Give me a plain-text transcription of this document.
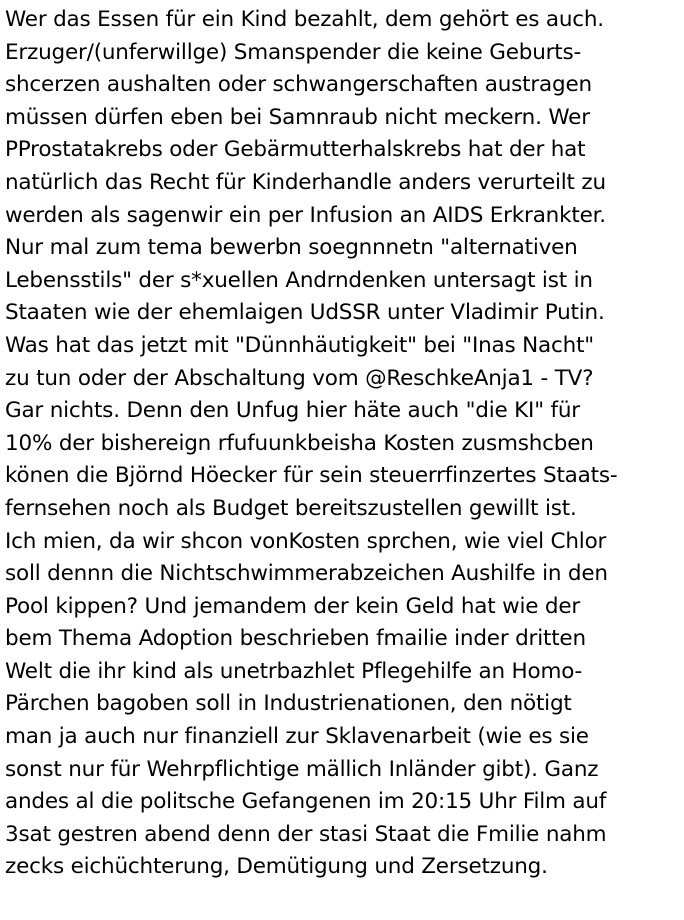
Wer das Essen für ein Kind bezahlt, dem gehört es auch.
Erzuger/(unferwillge) Smanspender die keine Geburts-
shcerzen aushalten oder schwangerschaften austragen
müssen dürfen eben bei Samnraub nicht meckern. Wer
PProstatakrebs oder Gebärmutterhalskrebs hat der hat
natürlich das Recht für Kinderhandle anders verurteilt zu
werden als sagenwir ein per Infusion an AIDS Erkrankter.
Nur mal zum tema bewerbn soegnnnetn "alternativen
Lebensstils" der s*xuellen Andrndenken untersagt ist in
Staaten wie der ehemlaigen UdSSR unter Vladimir Putin.
Was hat das jetzt mit "Dünnhäutigkeit" bei "Inas Nacht"
zu tun oder der Abschaltung vom @ReschkeAnja1 - TV?
Gar nichts. Denn den Unfug hier häte auch "die KI" für
10% der bishereign rfufuunkbeisha Kosten zusmshcben
könen die Björnd Höecker für sein steuerrfinzertes Staats-
fernsehen noch als Budget bereitszustellen gewillt ist.
Ich mien, da wir shcon vonKosten sprchen, wie viel Chlor
soll dennn die Nichtschwimmerabzeichen Aushilfe in den
Pool kippen? Und jemandem der kein Geld hat wie der
bem Thema Adoption beschrieben fmailie inder dritten
Welt die ihr kind als unetrbazhlet Pflegehilfe an Homo-
Pärchen bagoben soll in Industrienationen, den nötigt
man ja auch nur finanziell zur Sklavenarbeit (wie es sie
sonst nur für Wehrpflichtige mällich Inländer gibt). Ganz
andes al die politsche Gefangenen im 20:15 Uhr Film auf
3sat gestren abend denn der stasi Staat die Fmilie nahm
zecks eichüchterung, Demütigung und Zersetzung.
